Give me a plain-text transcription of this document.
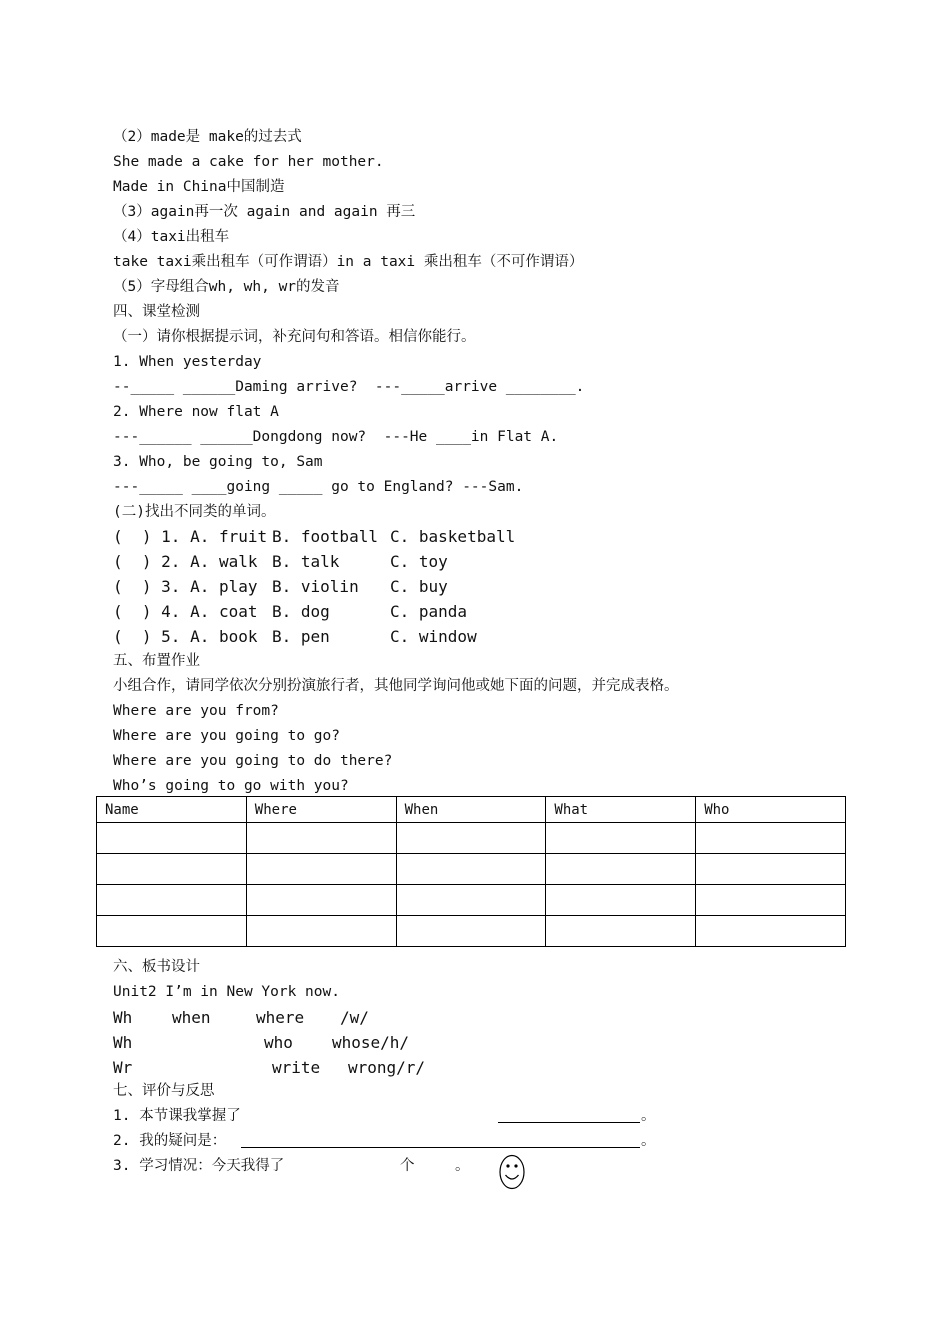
（2）made是 make的过去式
She made a cake for her mother.
Made in China中国制造
（3）again再一次 again and again 再三
（4）taxi出租车
take taxi乘出租车（可作谓语）in a taxi 乘出租车（不可作谓语）
（5）字母组合wh, wh, wr的发音
四、课堂检测
（一）请你根据提示词，补充问句和答语。相信你能行。
1. When yesterday
--_____ ______Daming arrive?  ---_____arrive ________.
2. Where now flat A
---______ ______Dongdong now?  ---He ____in Flat A.
3. Who, be going to, Sam
---_____ ____going _____ go to England? ---Sam.
(二)找出不同类的单词。
(  ) 1. A. fruit B. football C. basketball
(  ) 2. A. walk B. talk	C. toy
(  ) 3. A. play B. violin C. buy
(  ) 4. A. coat B. dog	C. panda
(  ) 5. A. book B. pen	C. window
五、布置作业
小组合作，请同学依次分别扮演旅行者，其他同学询问他或她下面的问题，并完成表格。
Where are you from?
Where are you going to go?
Where are you going to do there?
Who’s going to go with you?
Name	Where	When	What	Who

六、板书设计
Unit2 I’m in New York now.
Wh when	where /w/
Wh	who whose/h/
Wr	write wrong/r/
七、评价与反思
1. 本节课我掌握了	。
2. 我的疑问是：	。
3. 学习情况：今天我得了	个	。
